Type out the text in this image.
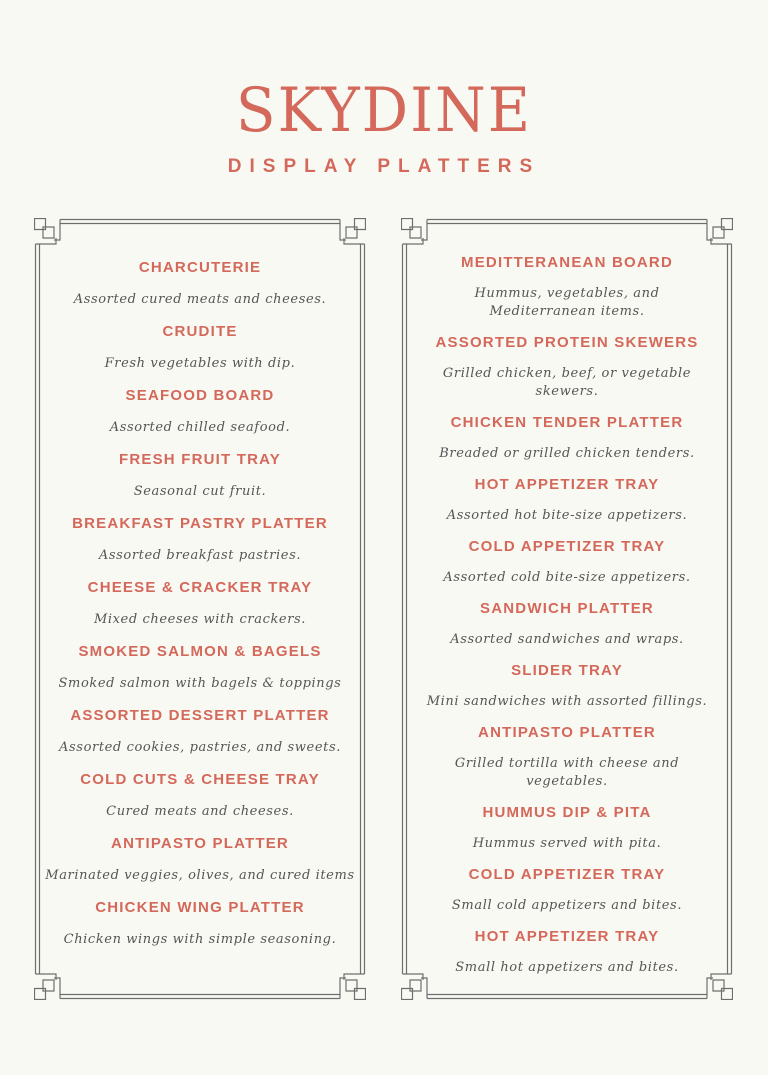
SKYDINE
DISPLAY PLATTERS
CHARCUTERIE
Assorted cured meats and cheeses.
CRUDITE
Fresh vegetables with dip.
SEAFOOD BOARD
Assorted chilled seafood.
FRESH FRUIT TRAY
Seasonal cut fruit.
BREAKFAST PASTRY PLATTER
Assorted breakfast pastries.
CHEESE & CRACKER TRAY
Mixed cheeses with crackers.
SMOKED SALMON & BAGELS
Smoked salmon with bagels & toppings
ASSORTED DESSERT PLATTER
Assorted cookies, pastries, and sweets.
COLD CUTS & CHEESE TRAY
Cured meats and cheeses.
ANTIPASTO PLATTER
Marinated veggies, olives, and cured items
CHICKEN WING PLATTER
Chicken wings with simple seasoning.
MEDITTERANEAN BOARD
Hummus, vegetables, and Mediterranean items.
ASSORTED PROTEIN SKEWERS
Grilled chicken, beef, or vegetable skewers.
CHICKEN TENDER PLATTER
Breaded or grilled chicken tenders.
HOT APPETIZER TRAY
Assorted hot bite-size appetizers.
COLD APPETIZER TRAY
Assorted cold bite-size appetizers.
SANDWICH PLATTER
Assorted sandwiches and wraps.
SLIDER TRAY
Mini sandwiches with assorted fillings.
ANTIPASTO PLATTER
Grilled tortilla with cheese and vegetables.
HUMMUS DIP & PITA
Hummus served with pita.
COLD APPETIZER TRAY
Small cold appetizers and bites.
HOT APPETIZER TRAY
Small hot appetizers and bites.
